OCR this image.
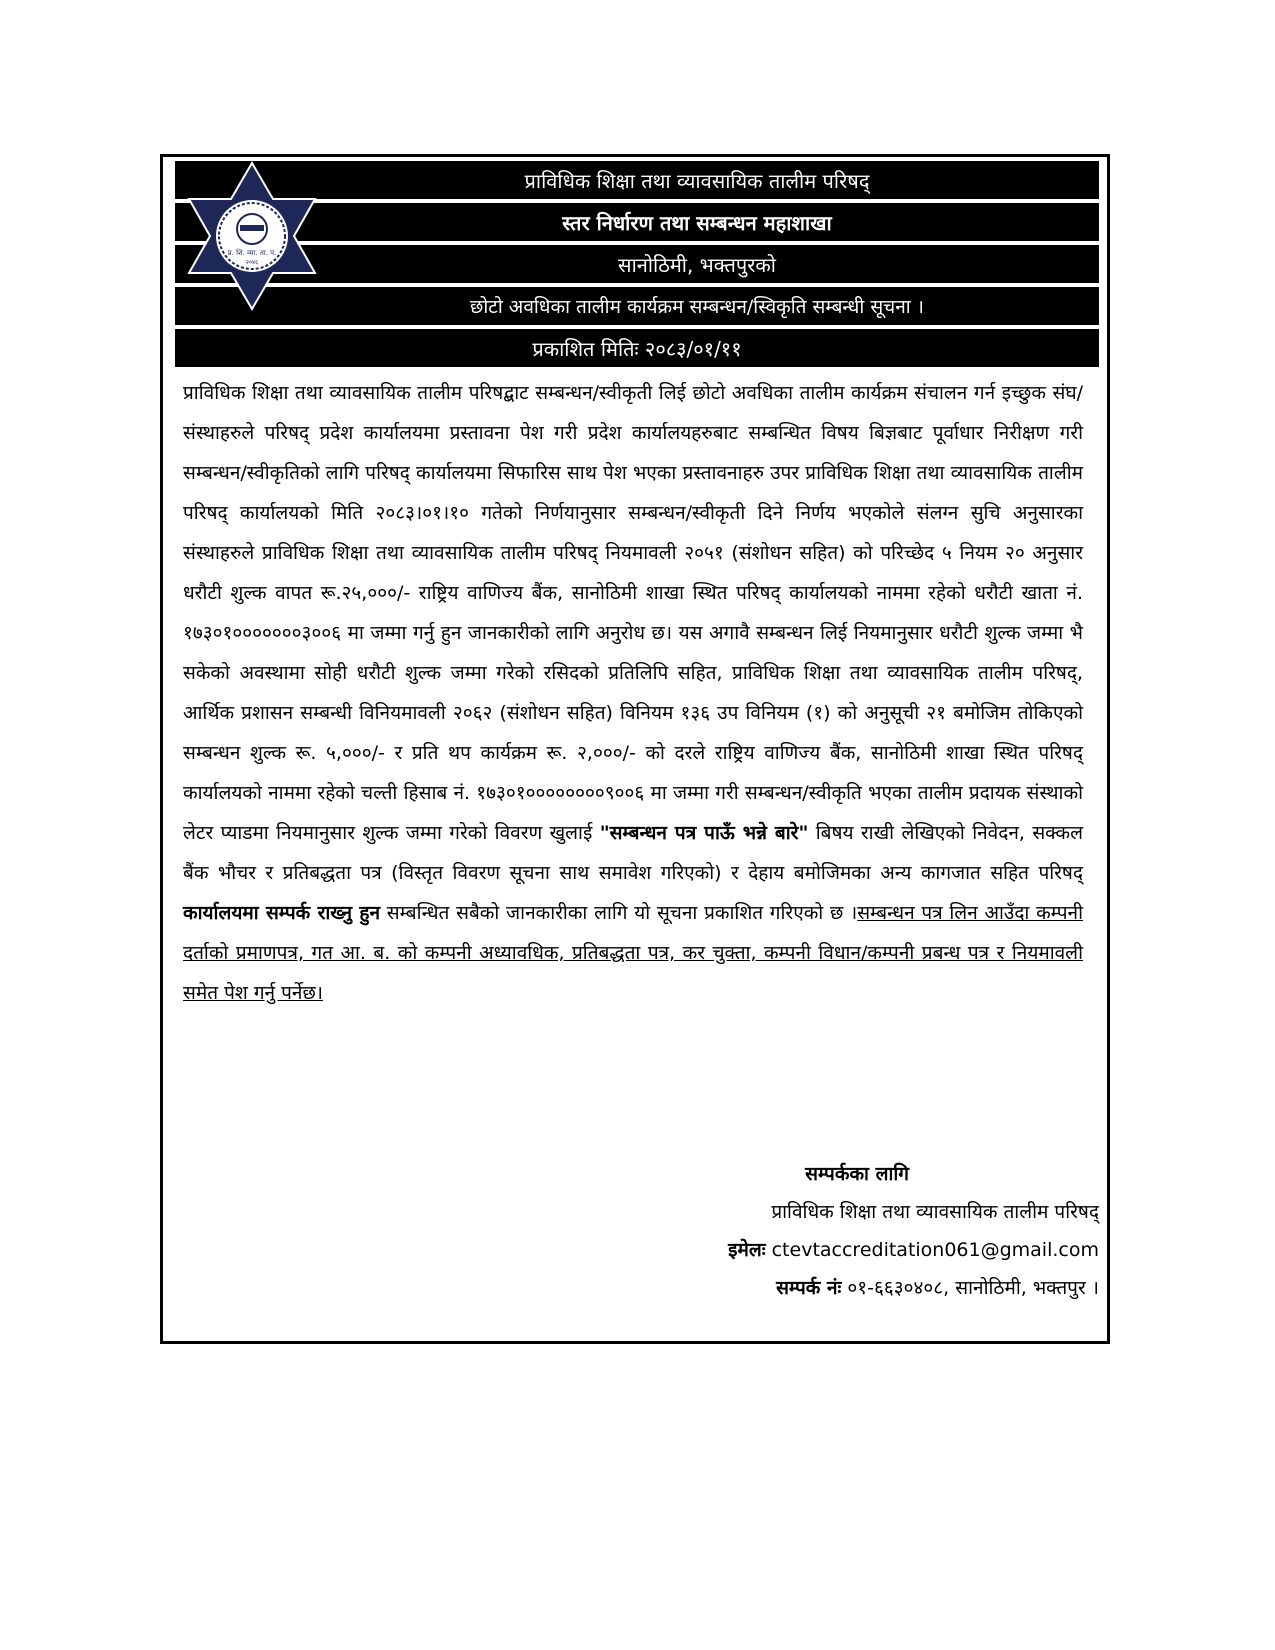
प्राविधिक शिक्षा तथा व्यावसायिक तालीम परिषद्
स्तर निर्धारण तथा सम्बन्धन महाशाखा
सानोठिमी, भक्तपुरको
छोटो अवधिका तालीम कार्यक्रम सम्बन्धन/स्विकृति सम्बन्धी सूचना ।
प्रकाशित मितिः २०८३/०१/११
प्र. शि. व्या. ता. प.
२०४६
प्राविधिक शिक्षा तथा व्यावसायिक तालीम परिषद्बाट सम्बन्धन/स्वीकृती लिई छोटो अवधिका तालीम कार्यक्रम संचालन गर्न इच्छुक संघ/संस्थाहरुले परिषद् प्रदेश कार्यालयमा प्रस्तावना पेश गरी प्रदेश कार्यालयहरुबाट सम्बन्धित विषय बिज्ञबाट पूर्वाधार निरीक्षण गरी सम्बन्धन/स्वीकृतिको लागि परिषद् कार्यालयमा सिफारिस साथ पेश भएका प्रस्तावनाहरु उपर प्राविधिक शिक्षा तथा व्यावसायिक तालीम परिषद् कार्यालयको मिति २०८३।०१।१० गतेको निर्णयानुसार सम्बन्धन/स्वीकृती दिने निर्णय भएकोले संलग्न सुचि अनुसारका संस्थाहरुले प्राविधिक शिक्षा तथा व्यावसायिक तालीम परिषद् नियमावली २०५१ (संशोधन सहित) को परिच्छेद ५ नियम २० अनुसार धरौटी शुल्क वापत रू.२५,०००/- राष्ट्रिय वाणिज्य बैंक, सानोठिमी शाखा स्थित परिषद् कार्यालयको नाममा रहेको धरौटी खाता नं. १७३०१०००००००३००६ मा जम्मा गर्नु हुन जानकारीको लागि अनुरोध छ। यस अगावै सम्बन्धन लिई नियमानुसार धरौटी शुल्क जम्मा भै सकेको अवस्थामा सोही धरौटी शुल्क जम्मा गरेको रसिदको प्रतिलिपि सहित, प्राविधिक शिक्षा तथा व्यावसायिक तालीम परिषद्, आर्थिक प्रशासन सम्बन्धी विनियमावली २०६२ (संशोधन सहित) विनियम १३६ उप विनियम (१) को अनुसूची २१ बमोजिम तोकिएको सम्बन्धन शुल्क रू. ५,०००/- र प्रति थप कार्यक्रम रू. २,०००/- को दरले राष्ट्रिय वाणिज्य बैंक, सानोठिमी शाखा स्थित परिषद् कार्यालयको नाममा रहेको चल्ती हिसाब नं. १७३०१००००००००९००६ मा जम्मा गरी सम्बन्धन/स्वीकृति भएका तालीम प्रदायक संस्थाको लेटर प्याडमा नियमानुसार शुल्क जम्मा गरेको विवरण खुलाई "सम्बन्धन पत्र पाऊँ भन्ने बारे" बिषय राखी लेखिएको निवेदन, सक्कल बैंक भौचर र प्रतिबद्धता पत्र (विस्तृत विवरण सूचना साथ समावेश गरिएको) र देहाय बमोजिमका अन्य कागजात सहित परिषद् कार्यालयमा सम्पर्क राख्नु हुन सम्बन्धित सबैको जानकारीका लागि यो सूचना प्रकाशित गरिएको छ ।सम्बन्धन पत्र लिन आउँदा कम्पनी दर्ताको प्रमाणपत्र, गत आ. ब. को कम्पनी अध्यावधिक, प्रतिबद्धता पत्र, कर चुक्ता, कम्पनी विधान/कम्पनी प्रबन्ध पत्र र नियमावली समेत पेश गर्नु पर्नेछ।
सम्पर्कका लागि
प्राविधिक शिक्षा तथा व्यावसायिक तालीम परिषद्
इमेलः ctevtaccreditation061@gmail.com
सम्पर्क नंः ०१-६६३०४०८, सानोठिमी, भक्तपुर ।
